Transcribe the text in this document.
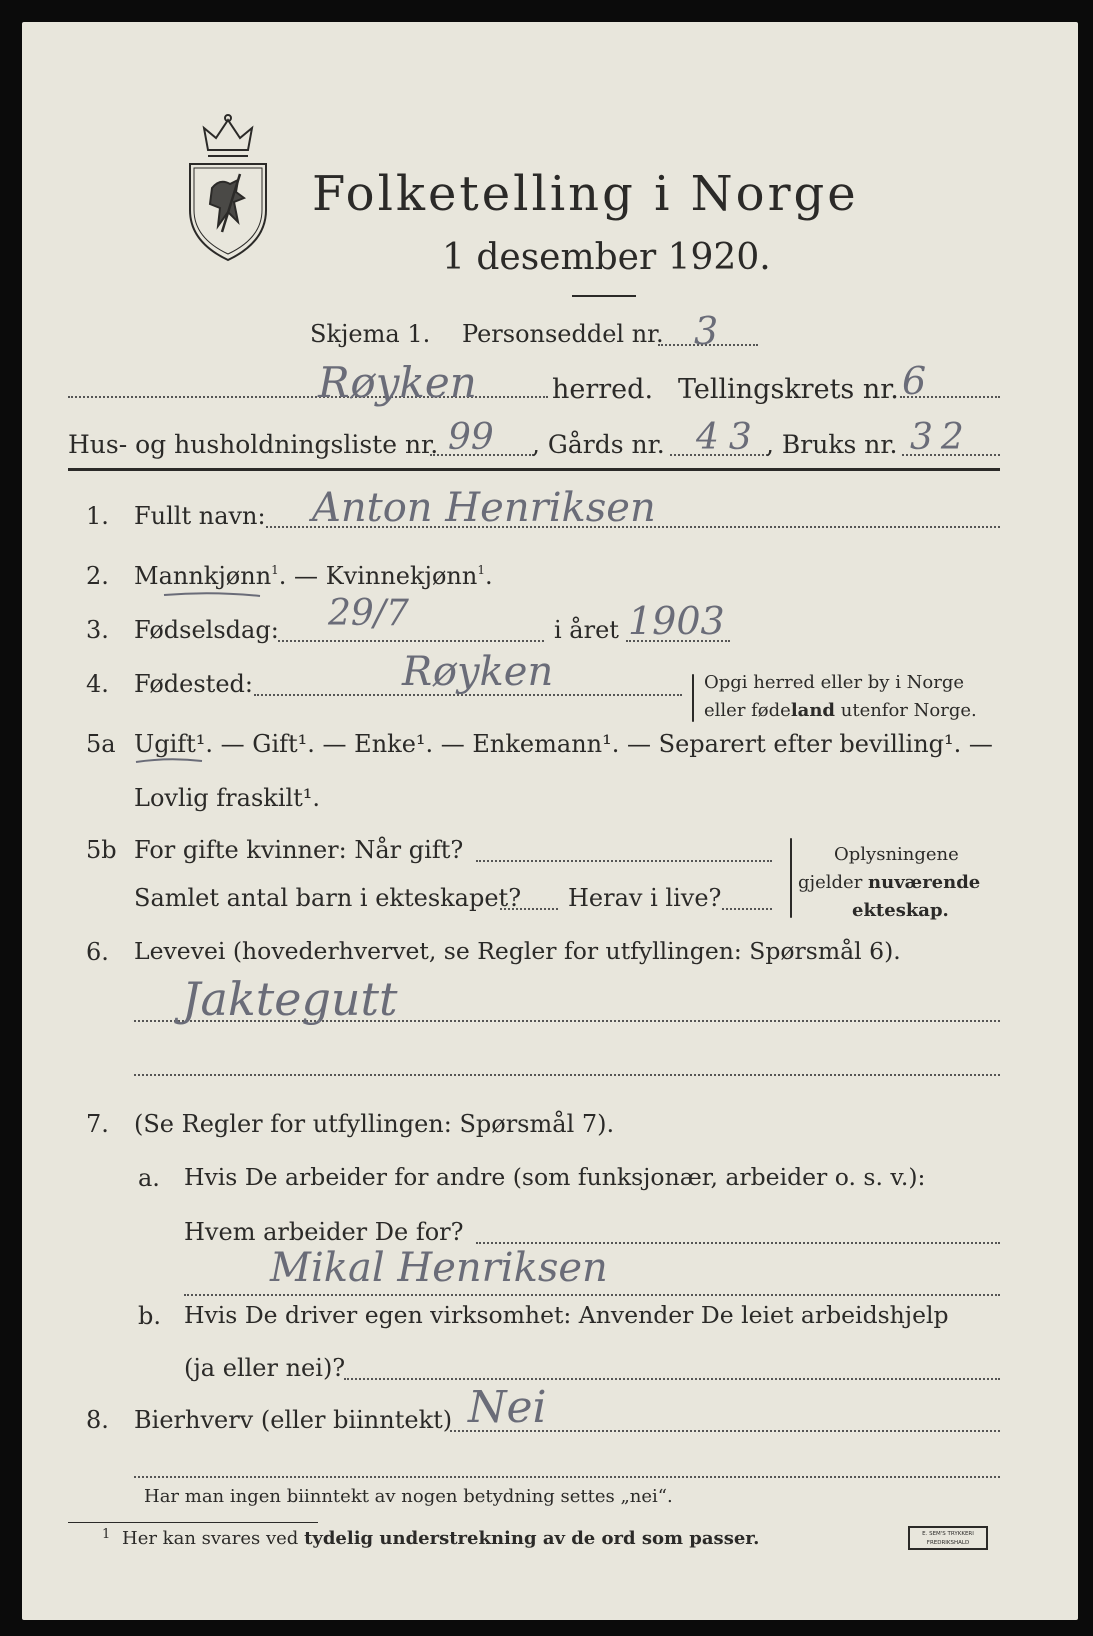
Folketelling i Norge
1 desember 1920.
Skjema 1. Personseddel nr. 3
Røyken	herred. Tellingskrets nr. 6
Hus- og husholdningsliste nr. 99 , Gårds nr. 43 , Bruks nr. 32
1. Fullt navn: Anton Henriksen
2. Mannkjønn$^1$. — Kvinnekjønn$^1$.
3. Fødselsdag: 29/7	i året 1903
4. Fødested:	Røyken	Opgi herred eller by i Norge
eller fødeland utenfor Norge.
5a Ugift¹. — Gift¹. — Enke¹. — Enkemann¹. — Separert efter bevilling¹. —
Lovlig fraskilt¹.
5b For gifte kvinner: Når gift?
Samlet antal barn i ekteskapet? Herav i live?
Oplysningene
gjelder nuværende
ekteskap.
6. Levevei (hovederhvervet, se Regler for utfyllingen: Spørsmål 6).
Jaktegutt
7. (Se Regler for utfyllingen: Spørsmål 7).
a. Hvis De arbeider for andre (som funksjonær, arbeider o. s. v.):
Hvem arbeider De for?
Mikal Henriksen
b. Hvis De driver egen virksomhet: Anvender De leiet arbeidshjelp
(ja eller nei)?
8. Bierhverv (eller biinntekt) Nei
Har man ingen biinntekt av nogen betydning settes „nei“.
1 Her kan svares ved tydelig understrekning av de ord som passer.	E. SEM'S TRYKKERI
FREDRIKSHALD
